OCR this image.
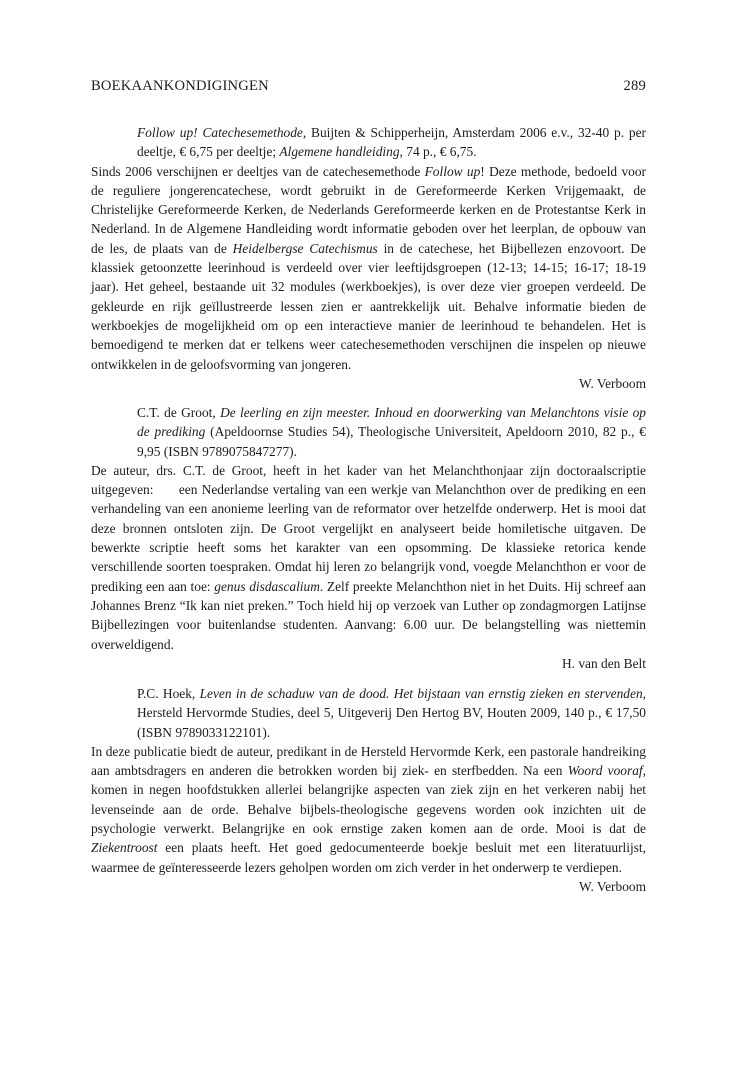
BOEKAANKONDIGINGEN	289
Follow up! Catechesemethode, Buijten & Schipperheijn, Amsterdam 2006 e.v., 32-40 p. per deeltje, € 6,75 per deeltje; Algemene handleiding, 74 p., € 6,75.
Sinds 2006 verschijnen er deeltjes van de catechesemethode Follow up! Deze methode, bedoeld voor de reguliere jongerencatechese, wordt gebruikt in de Gereformeerde Kerken Vrijgemaakt, de Christelijke Gereformeerde Kerken, de Nederlands Gereformeerde kerken en de Protestantse Kerk in Nederland. In de Algemene Handleiding wordt informatie geboden over het leerplan, de opbouw van de les, de plaats van de Heidelbergse Catechismus in de catechese, het Bijbellezen enzovoort. De klassiek getoonzette leerinhoud is verdeeld over vier leeftijdsgroepen (12-13; 14-15; 16-17; 18-19 jaar). Het geheel, bestaande uit 32 modules (werkboekjes), is over deze vier groepen verdeeld. De gekleurde en rijk geïllustreerde lessen zien er aantrekkelijk uit. Behalve informatie bieden de werkboekjes de mogelijkheid om op een interactieve manier de leerinhoud te behandelen. Het is bemoedigend te merken dat er telkens weer catechesemethoden verschijnen die inspelen op nieuwe ontwikkelen in de geloofsvorming van jongeren.
W. Verboom
C.T. de Groot, De leerling en zijn meester. Inhoud en doorwerking van Melanchtons visie op de prediking (Apeldoornse Studies 54), Theologische Universiteit, Apeldoorn 2010, 82 p., € 9,95 (ISBN 9789075847277).
De auteur, drs. C.T. de Groot, heeft in het kader van het Melanchthonjaar zijn doctoraalscriptie uitgegeven:      een Nederlandse vertaling van een werkje van Melanchthon over de prediking en een verhandeling van een anonieme leerling van de reformator over hetzelfde onderwerp. Het is mooi dat deze bronnen ontsloten zijn. De Groot vergelijkt en analyseert beide homiletische uitgaven. De bewerkte scriptie heeft soms het karakter van een opsomming. De klassieke retorica kende verschillende soorten toespraken. Omdat hij leren zo belangrijk vond, voegde Melanchthon er voor de prediking een aan toe: genus disdascalium. Zelf preekte Melanchthon niet in het Duits. Hij schreef aan Johannes Brenz “Ik kan niet preken.” Toch hield hij op verzoek van Luther op zondagmorgen Latijnse Bijbellezingen voor buitenlandse studenten. Aanvang: 6.00 uur. De belangstelling was niettemin overweldigend.
H. van den Belt
P.C. Hoek, Leven in de schaduw van de dood. Het bijstaan van ernstig zieken en stervenden, Hersteld Hervormde Studies, deel 5, Uitgeverij Den Hertog BV, Houten 2009, 140 p., € 17,50 (ISBN 9789033122101).
In deze publicatie biedt de auteur, predikant in de Hersteld Hervormde Kerk, een pastorale handreiking aan ambtsdragers en anderen die betrokken worden bij ziek- en sterfbedden. Na een Woord vooraf, komen in negen hoofdstukken allerlei belangrijke aspecten van ziek zijn en het verkeren nabij het levenseinde aan de orde. Behalve bijbels-theologische gegevens worden ook inzichten uit de psychologie verwerkt. Belangrijke en ook ernstige zaken komen aan de orde. Mooi is dat de Ziekentroost een plaats heeft. Het goed gedocumenteerde boekje besluit met een literatuurlijst, waarmee de geïnteresseerde lezers geholpen worden om zich verder in het onderwerp te verdiepen.
W. Verboom
